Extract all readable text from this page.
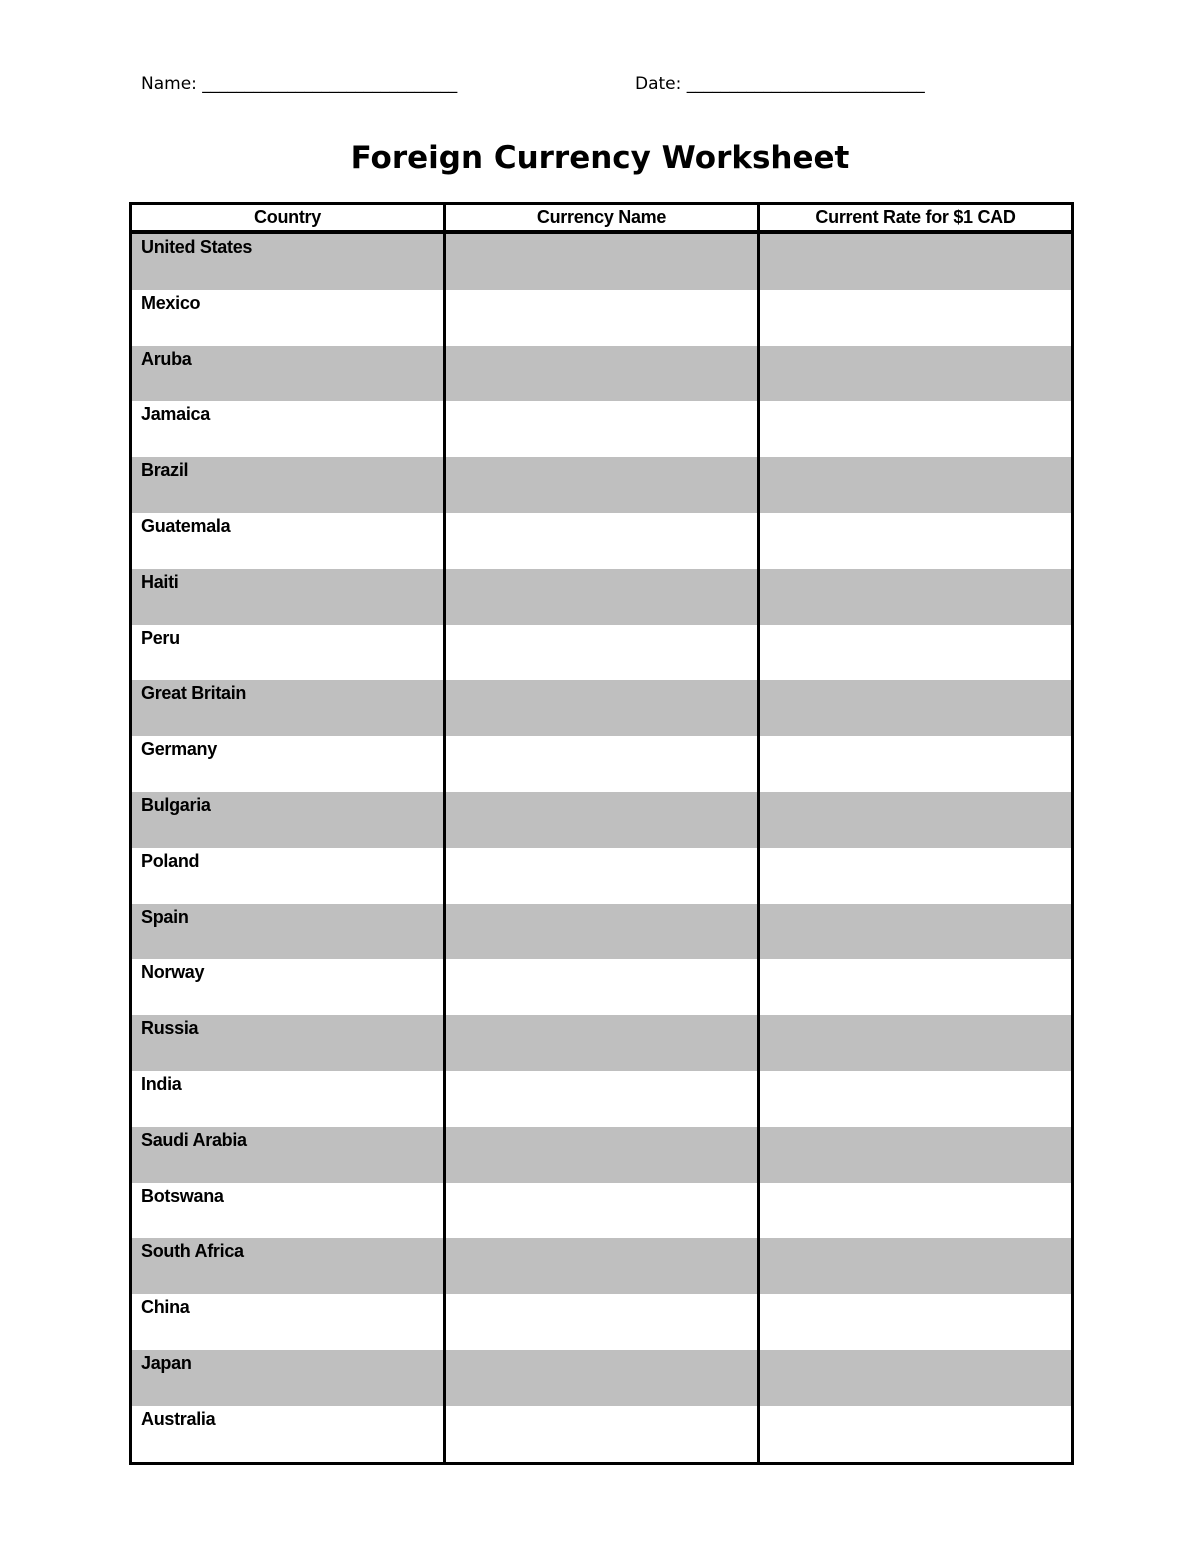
Name: ______________________________	Date: ____________________________
Foreign Currency Worksheet
Country	Currency Name	Current Rate for $1 CAD
United States		
Mexico		
Aruba		
Jamaica		
Brazil		
Guatemala		
Haiti		
Peru		
Great Britain		
Germany		
Bulgaria		
Poland		
Spain		
Norway		
Russia		
India		
Saudi Arabia		
Botswana		
South Africa		
China		
Japan		
Australia		
